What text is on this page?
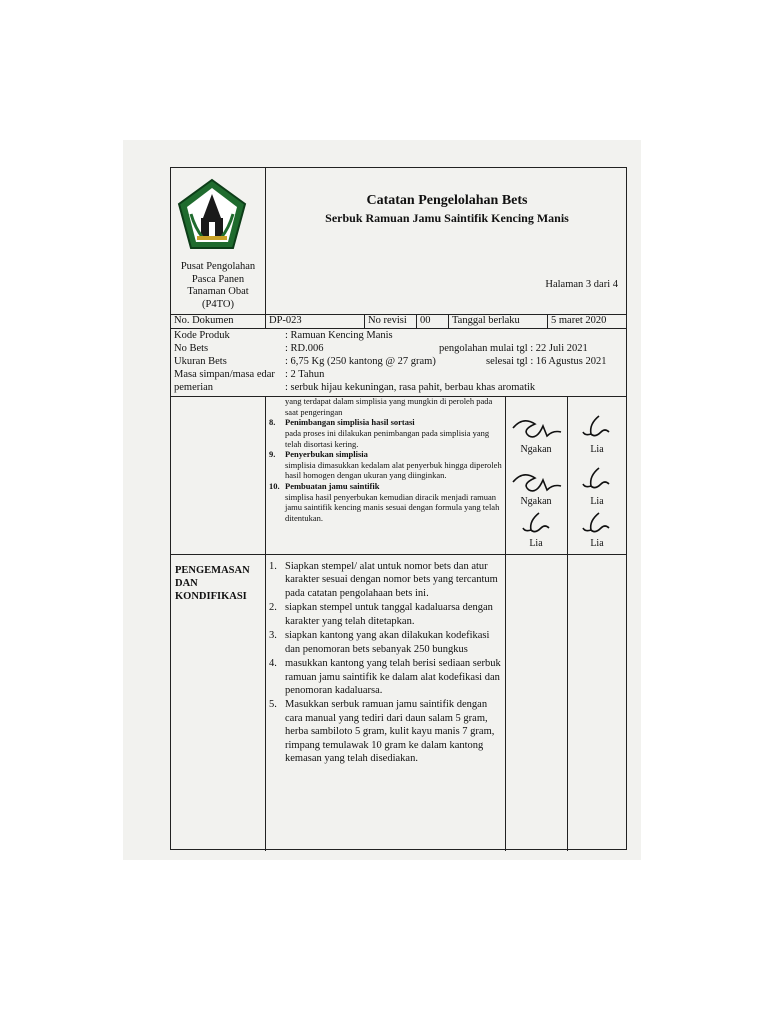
Pusat Pengolahan
Pasca Panen
Tanaman Obat
(P4TO)
Catatan Pengelolahan Bets
Serbuk Ramuan Jamu Saintifik Kencing Manis
Halaman 3 dari 4
No. Dokumen	DP-023	No revisi	00	Tanggal berlaku	5 maret 2020
Kode Produk	: Ramuan Kencing Manis
No Bets	: RD.006	pengolahan mulai tgl : 22 Juli 2021
Ukuran Bets	: 6,75 Kg (250 kantong @ 27 gram)	selesai tgl : 16 Agustus 2021
Masa simpan/masa edar : 2 Tahun
pemerian	: serbuk hijau kekuningan, rasa pahit, berbau khas aromatik
yang terdapat dalam simplisia yang mungkin di peroleh pada saat pengeringan
8. Penimbangan simplisia hasil sortasi
pada proses ini dilakukan penimbangan pada simplisia yang telah disortasi kering.
9. Penyerbukan simplisia
simplisia dimasukkan kedalam alat penyerbuk hingga diperoleh hasil homogen dengan ukuran yang diinginkan.
10. Pembuatan jamu saintifik
simplisa hasil penyerbukan kemudian diracik menjadi ramuan jamu saintifik kencing manis sesuai dengan formula yang telah ditentukan.
Ngakan	Lia
Ngakan	Lia
Lia	Lia
PENGEMASAN
DAN
KONDIFIKASI
1. Siapkan stempel/ alat untuk nomor bets dan atur karakter sesuai dengan nomor bets yang tercantum pada catatan pengolahaan bets ini.
2. siapkan stempel untuk tanggal kadaluarsa dengan karakter yang telah ditetapkan.
3. siapkan kantong yang akan dilakukan kodefikasi dan penomoran bets sebanyak 250 bungkus
4. masukkan kantong yang telah berisi sediaan serbuk ramuan jamu saintifik ke dalam alat kodefikasi dan penomoran kadaluarsa.
5. Masukkan serbuk ramuan jamu saintifik dengan cara manual yang tediri dari daun salam 5 gram, herba sambiloto 5 gram, kulit kayu manis 7 gram, rimpang temulawak 10 gram ke dalam kantong kemasan yang telah disediakan.
